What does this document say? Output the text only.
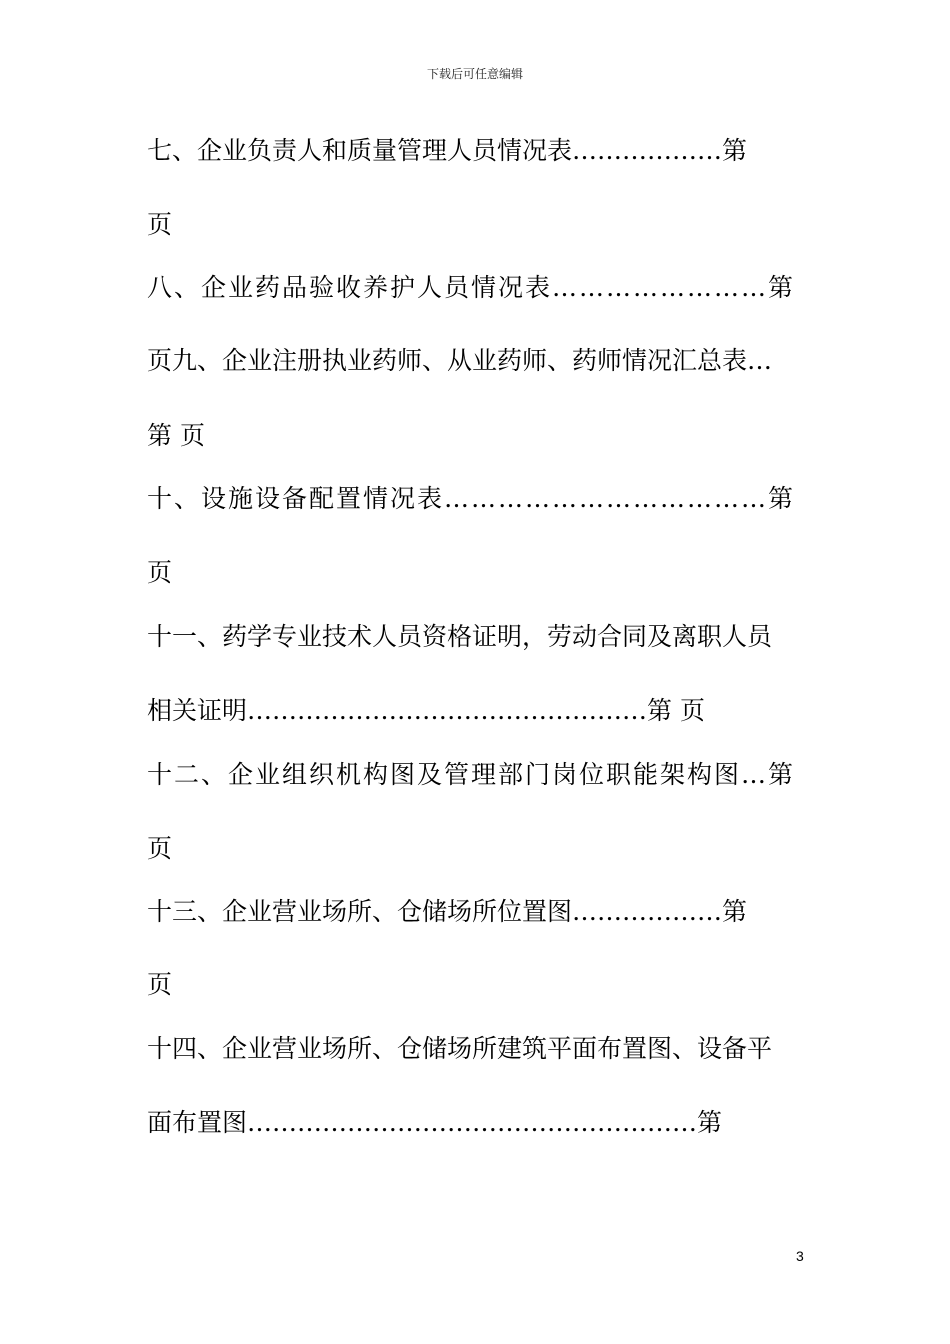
下载后可任意编辑
七、企业负责人和质量管理人员情况表………………第
页
八、企业药品验收养护人员情况表……………………第
页九、企业注册执业药师、从业药师、药师情况汇总表…
第 页
十、设施设备配置情况表………………………………第
页
十一、药学专业技术人员资格证明，劳动合同及离职人员
相关证明…………………………………………第 页
十二、企业组织机构图及管理部门岗位职能架构图…第
页
十三、企业营业场所、仓储场所位置图………………第
页
十四、企业营业场所、仓储场所建筑平面布置图、设备平
面布置图………………………………………………第
3
